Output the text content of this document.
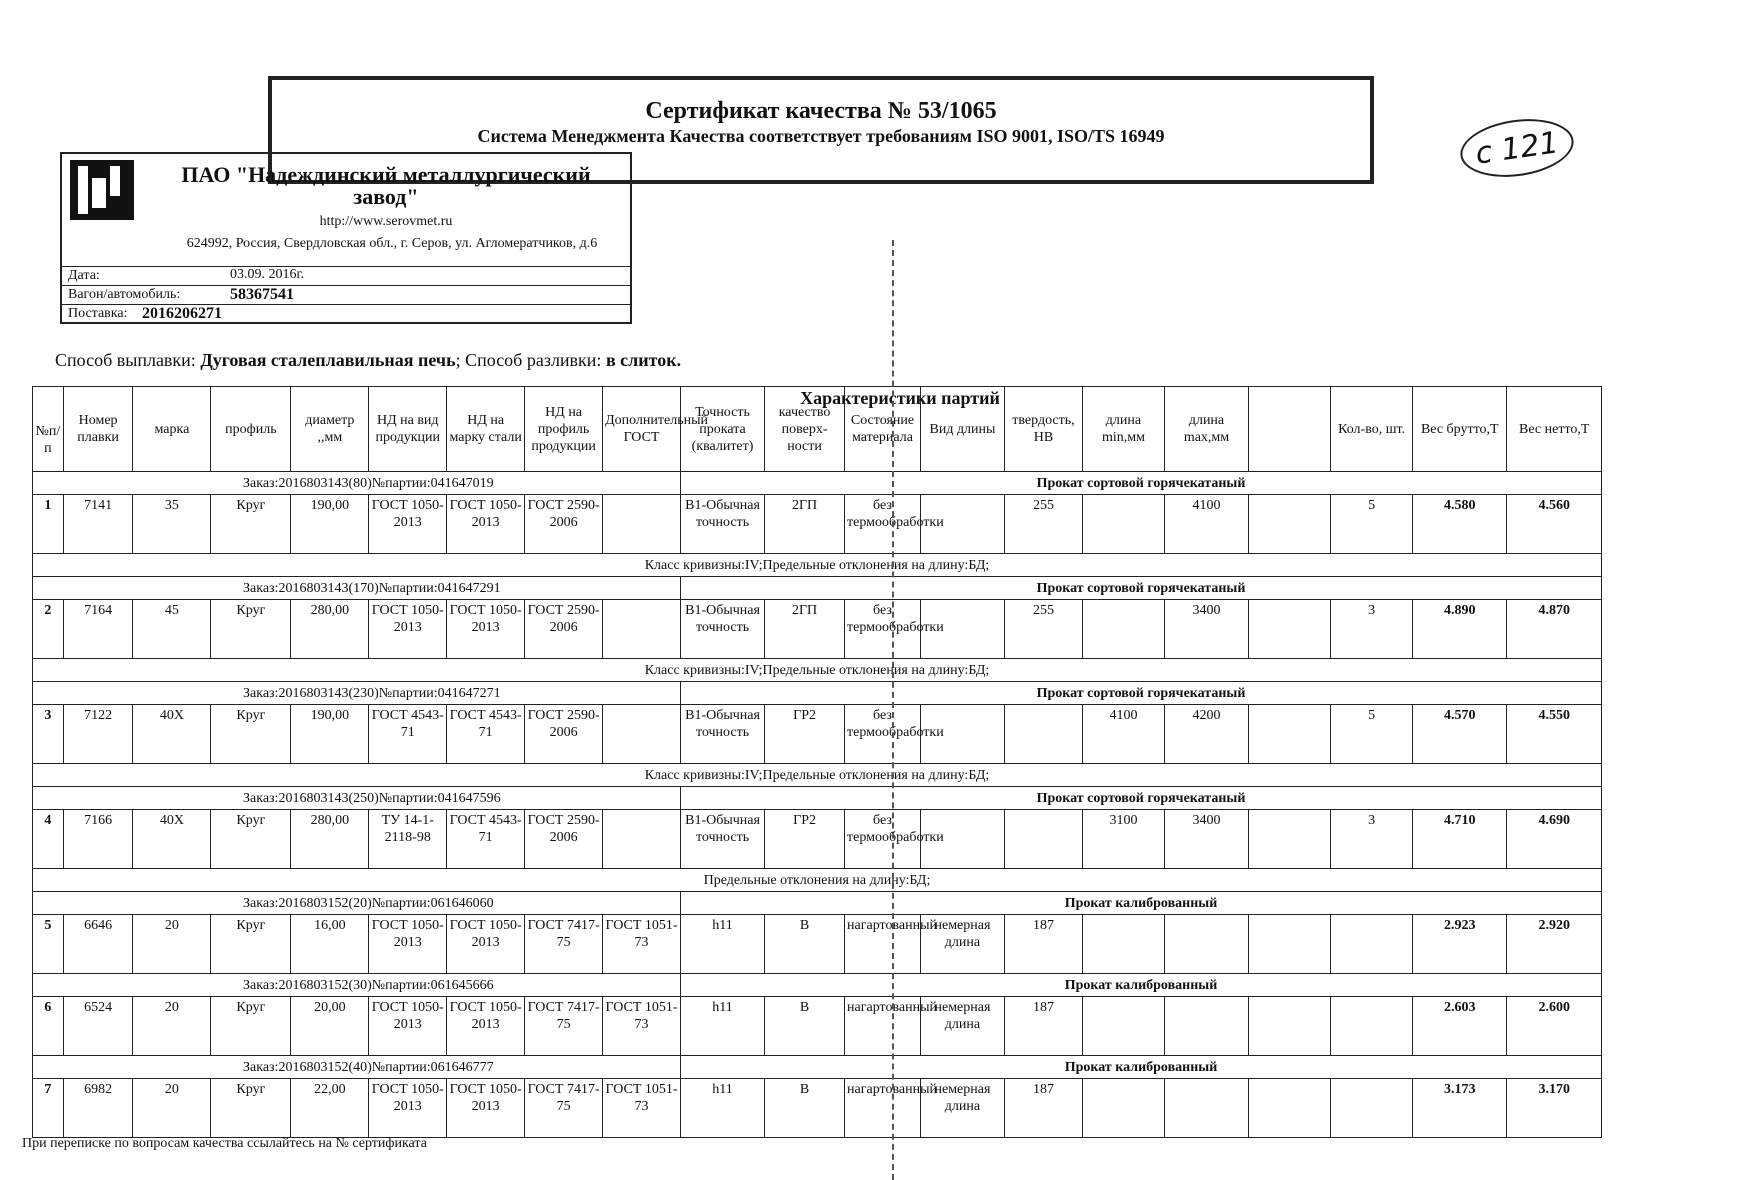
Сертификат качества № 53/1065
Система Менеджмента Качества соответствует требованиям ISO 9001, ISO/TS 16949	c 121
ПАО "Надеждинский металлургический завод"
http://www.serovmet.ru
624992, Россия, Свердловская обл., г. Серов, ул. Агломератчиков, д.6
Дата:	03.09. 2016г.
Вагон/автомобиль:	58367541
Поставка: 2016206271
Способ выплавки: Дуговая сталеплавильная печь; Способ разливки: в слиток.
№п/п	Номер плавки	марка	профиль	диаметр ,,мм	НД на вид продукции	НД на марку стали	НД на профиль продукции	Дополнительный ГОСТ	Точность проката (квалитет)	качество поверх-ности	Состояние материала	Вид длины	твердость, НВ	длина min,мм	длина max,мм		Кол-во, шт.	Вес брутто,Т	Вес нетто,Т
Заказ:2016803143(80)№партии:041647019									Прокат сортовой горячекатаный										
1	7141	35	Круг	190,00	ГОСТ 1050-2013	ГОСТ 1050-2013	ГОСТ 2590-2006		B1-Обычная точность	2ГП	без термообработки		255		4100		5	4.580	4.560
Класс кривизны:IV;Предельные отклонения на длину:БД;																			
Заказ:2016803143(170)№партии:041647291									Прокат сортовой горячекатаный										
2	7164	45	Круг	280,00	ГОСТ 1050-2013	ГОСТ 1050-2013	ГОСТ 2590-2006		B1-Обычная точность	2ГП	без термообработки		255		3400		3	4.890	4.870
Класс кривизны:IV;Предельные отклонения на длину:БД;																			
Заказ:2016803143(230)№партии:041647271									Прокат сортовой горячекатаный										
3	7122	40Х	Круг	190,00	ГОСТ 4543-71	ГОСТ 4543-71	ГОСТ 2590-2006		B1-Обычная точность	ГР2	без термообработки			4100	4200		5	4.570	4.550
Класс кривизны:IV;Предельные отклонения на длину:БД;																			
Заказ:2016803143(250)№партии:041647596									Прокат сортовой горячекатаный										
4	7166	40Х	Круг	280,00	ТУ 14-1-2118-98	ГОСТ 4543-71	ГОСТ 2590-2006		B1-Обычная точность	ГР2	без термообработки			3100	3400		3	4.710	4.690
Предельные отклонения на длину:БД;																			
Заказ:2016803152(20)№партии:061646060									Прокат калиброванный										
5	6646	20	Круг	16,00	ГОСТ 1050-2013	ГОСТ 1050-2013	ГОСТ 7417-75	ГОСТ 1051-73	h11	В	нагартованный	немерная длина	187					2.923	2.920
Заказ:2016803152(30)№партии:061645666									Прокат калиброванный										
6	6524	20	Круг	20,00	ГОСТ 1050-2013	ГОСТ 1050-2013	ГОСТ 7417-75	ГОСТ 1051-73	h11	В	нагартованный	немерная длина	187					2.603	2.600
Заказ:2016803152(40)№партии:061646777									Прокат калиброванный										
7	6982	20	Круг	22,00	ГОСТ 1050-2013	ГОСТ 1050-2013	ГОСТ 7417-75	ГОСТ 1051-73	h11	В	нагартованный	немерная длина	187					3.173	3.170
Характеристики партий
При переписке по вопросам качества ссылайтесь на № сертификата
